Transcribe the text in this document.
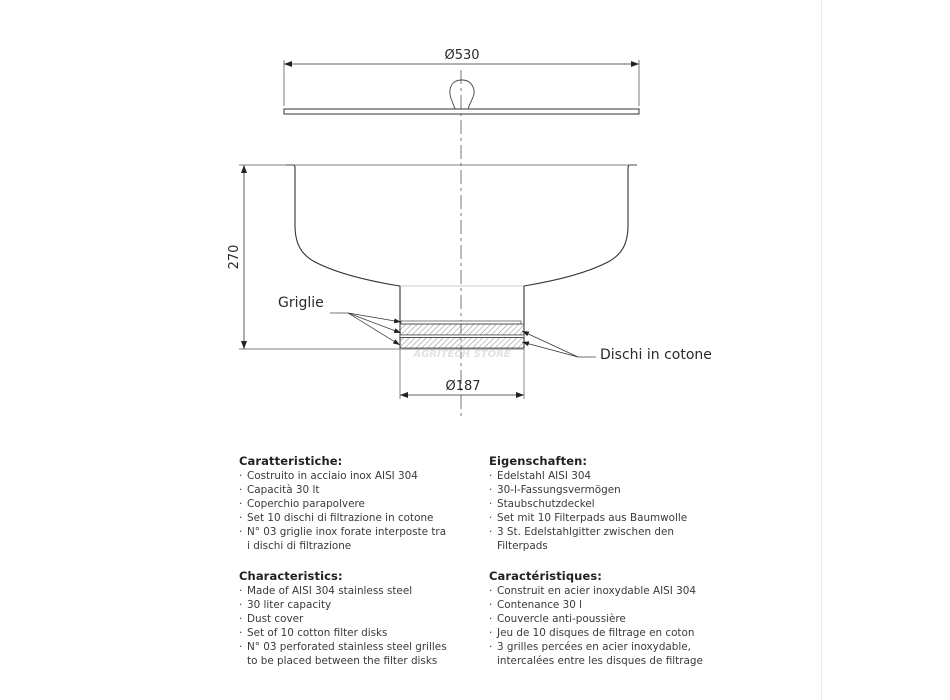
Ø530
AGRITECH STORE
270
Ø187
Griglie
Dischi in cotone
Caratteristiche:
· Costruito in acciaio inox AISI 304
· Capacità 30 lt
· Coperchio parapolvere
· Set 10 dischi di filtrazione in cotone
· N° 03 griglie inox forate interposte tra
i dischi di filtrazione
Eigenschaften:
· Edelstahl AISI 304
· 30-l-Fassungsvermögen
· Staubschutzdeckel
· Set mit 10 Filterpads aus Baumwolle
· 3 St. Edelstahlgitter zwischen den
Filterpads
Characteristics:
· Made of AISI 304 stainless steel
· 30 liter capacity
· Dust cover
· Set of 10 cotton filter disks
· N° 03 perforated stainless steel grilles
to be placed between the filter disks
Caractéristiques:
· Construit en acier inoxydable AISI 304
· Contenance 30 l
· Couvercle anti-poussière
· Jeu de 10 disques de filtrage en coton
· 3 grilles percées en acier inoxydable,
intercalées entre les disques de filtrage
